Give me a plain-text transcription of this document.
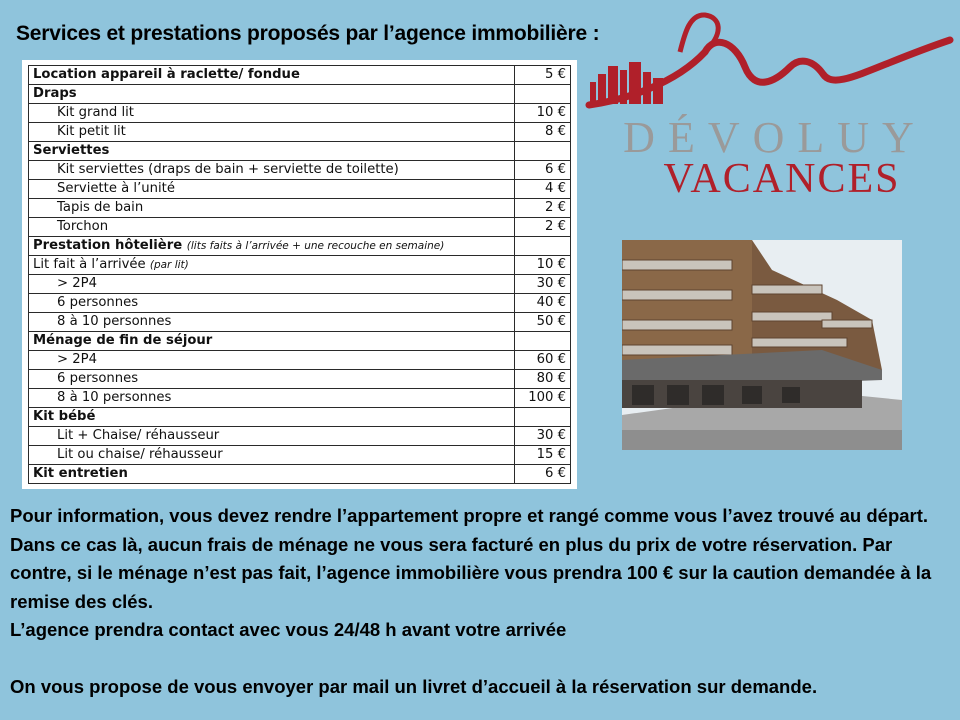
Services et prestations proposés par l’agence immobilière :
Location appareil à raclette/ fondue	5 €
Draps	
Kit grand lit	10 €
Kit petit lit	8 €
Serviettes	
Kit serviettes (draps de bain + serviette de toilette)	6 €
Serviette à l’unité	4 €
Tapis de bain	2 €
Torchon	2 €
Prestation hôtelière (lits faits à l’arrivée + une recouche en semaine)	
Lit fait à l’arrivée (par lit)	10 €
> 2P4	30 €
6 personnes	40 €
8 à 10 personnes	50 €
Ménage de fin de séjour	
> 2P4	60 €
6 personnes	80 €
8 à 10 personnes	100 €
Kit bébé	
Lit + Chaise/ réhausseur	30 €
Lit ou chaise/ réhausseur	15 €
Kit entretien	6 €
DÉVOLUY
VACANCES

Pour information, vous devez rendre l’appartement propre et rangé comme vous l’avez trouvé au départ. Dans ce cas là, aucun frais de ménage ne vous sera facturé en plus du prix de votre réservation. Par contre, si le ménage n’est pas fait, l’agence immobilière vous prendra 100 € sur la caution demandée à la remise des clés.

L’agence prendra contact avec vous 24/48 h avant votre arrivée

On vous propose de vous envoyer par mail un livret d’accueil à la réservation sur demande.
